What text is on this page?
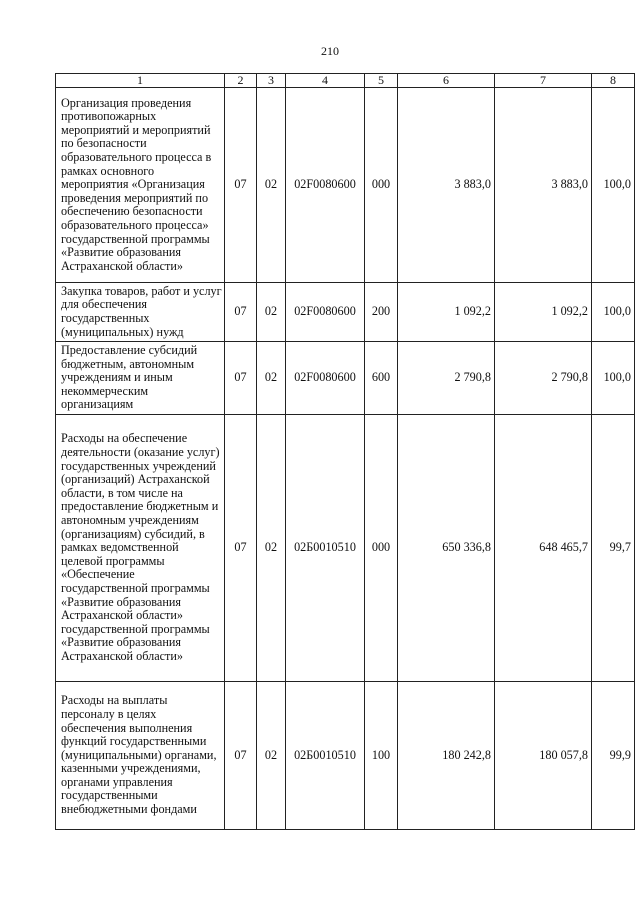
210
1	2	3	4	5	6	7	8
Организация проведения противопожарных мероприятий и мероприятий по безопасности образовательного процесса в рамках основного мероприятия «Организация проведения мероприятий по обеспечению безопасности образовательного процесса» государственной программы «Развитие образования Астраханской области»	07	02	02F0080600	000	3 883,0	3 883,0	100,0
Закупка товаров, работ и услуг для обеспечения государственных (муниципальных) нужд	07	02	02F0080600	200	1 092,2	1 092,2	100,0
Предоставление субсидий бюджетным, автономным учреждениям и иным некоммерческим организациям	07	02	02F0080600	600	2 790,8	2 790,8	100,0
Расходы на обеспечение деятельности (оказание услуг) государственных учреждений (организаций) Астраханской области, в том числе на предоставление бюджетным и автономным учреждениям (организациям) субсидий, в рамках ведомственной целевой программы «Обеспечение государственной программы «Развитие образования Астраханской области» государственной программы «Развитие образования Астраханской области»	07	02	02Б0010510	000	650 336,8	648 465,7	99,7
Расходы на выплаты персоналу в целях обеспечения выполнения функций государственными (муниципальными) органами, казенными учреждениями, органами управления государственными внебюджетными фондами	07	02	02Б0010510	100	180 242,8	180 057,8	99,9
